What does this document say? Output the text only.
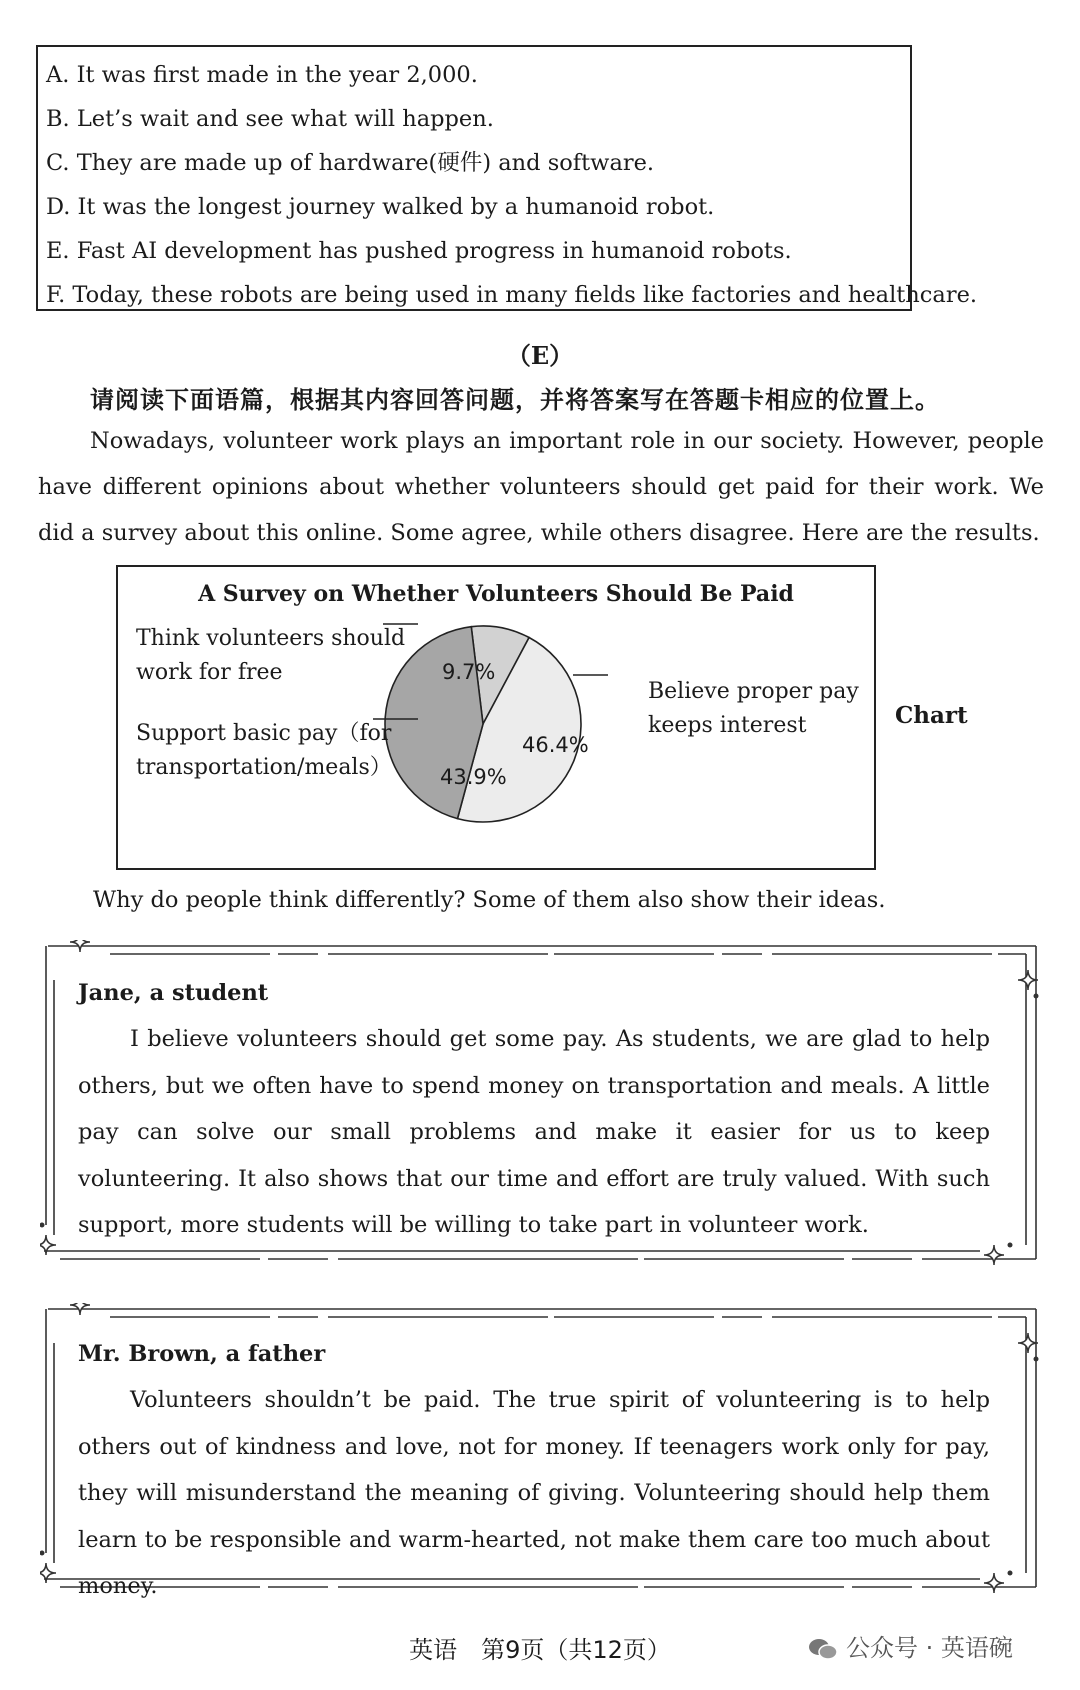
A. It was first made in the year 2,000.
B. Let’s wait and see what will happen.
C. They are made up of hardware(硬件) and software.
D. It was the longest journey walked by a humanoid robot.
E. Fast AI development has pushed progress in humanoid robots.
F. Today, these robots are being used in many fields like factories and healthcare.
（E）
请阅读下面语篇，根据其内容回答问题，并将答案写在答题卡相应的位置上。

Nowadays, volunteer work plays an important role in our society. However, people have different opinions about whether volunteers should get paid for their work. We did a survey about this online. Some agree, while others disagree. Here are the results.

A Survey on Whether Volunteers Should Be Paid
Think volunteers should
work for free
Believe proper pay
keeps interest
Support basic pay（for
transportation/meals）
9.7%
46.4%
43.9%
Chart
Why do people think differently? Some of them also show their ideas.
Jane, a student

I believe volunteers should get some pay. As students, we are glad to help others, but we often have to spend money on transportation and meals. A little pay can solve our small problems and make it easier for us to keep volunteering. It also shows that our time and effort are truly valued. With such support, more students will be willing to take part in volunteer work.

Mr. Brown, a father

Volunteers shouldn’t be paid. The true spirit of volunteering is to help others out of kindness and love, not for money. If teenagers work only for pay, they will misunderstand the meaning of giving. Volunteering should help them learn to be responsible and warm-hearted, not make them care too much about money.

英语　第9页（共12页）	公众号 · 英语碗
